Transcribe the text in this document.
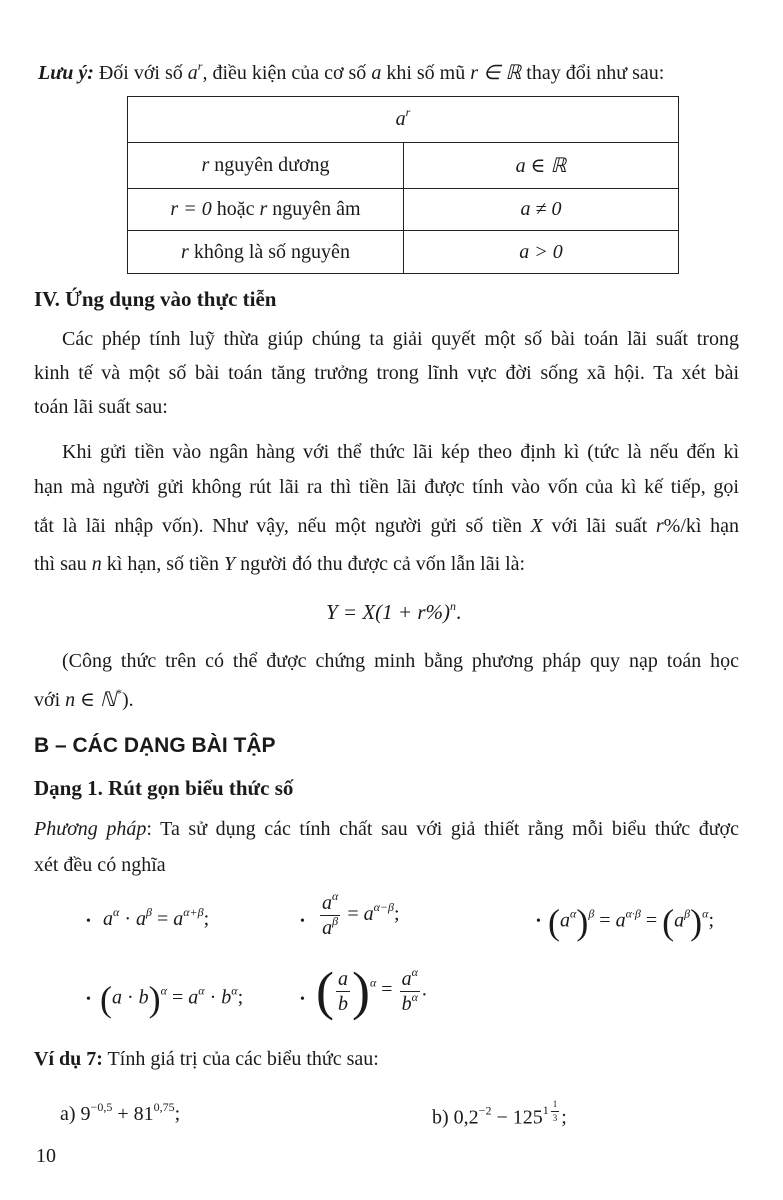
Lưu ý: Đối với số $a^r$, điều kiện của cơ số a khi số mũ r ∈ ℝ thay đổi như sau:
$a^r$
r nguyên dương	a ∈ ℝ
r = 0 hoặc r nguyên âm	a ≠ 0
r không là số nguyên	a > 0
IV. Ứng dụng vào thực tiễn
Các phép tính luỹ thừa giúp chúng ta giải quyết một số bài toán lãi suất trong
kinh tế và một số bài toán tăng trưởng trong lĩnh vực đời sống xã hội. Ta xét bài
toán lãi suất sau:
Khi gửi tiền vào ngân hàng với thể thức lãi kép theo định kì (tức là nếu đến kì
hạn mà người gửi không rút lãi ra thì tiền lãi được tính vào vốn của kì kế tiếp, gọi
tắt là lãi nhập vốn). Như vậy, nếu một người gửi số tiền X với lãi suất r%/kì hạn
thì sau n kì hạn, số tiền Y người đó thu được cả vốn lẫn lãi là:
$Y = X(1 + r\%)^n$.
(Công thức trên có thể được chứng minh bằng phương pháp quy nạp toán học
với n ∈ ℕ*).
B – CÁC DẠNG BÀI TẬP
Dạng 1. Rút gọn biểu thức số
Phương pháp: Ta sử dụng các tính chất sau với giả thiết rằng mỗi biểu thức được
xét đều có nghĩa
• $a^\alpha \cdot a^\beta = a^{\alpha+\beta}$;	• $\frac{a^\alpha}{a^\beta} = a^{\alpha-\beta}$;	• $(a^\alpha)^\beta = a^{\alpha\cdot\beta} = (a^\beta)^\alpha$;
• $(a \cdot b)^\alpha = a^\alpha \cdot b^\alpha$;	• ( $\frac{a}{b} )^\alpha = \frac{a^\alpha}{b^\alpha}$ .
Ví dụ 7: Tính giá trị của các biểu thức sau:
a) $9^{-0,5} + 81^{0,75}$;	b) $0,2^{-2} - 125^{1 \frac{1}{3}}$ ;
10
